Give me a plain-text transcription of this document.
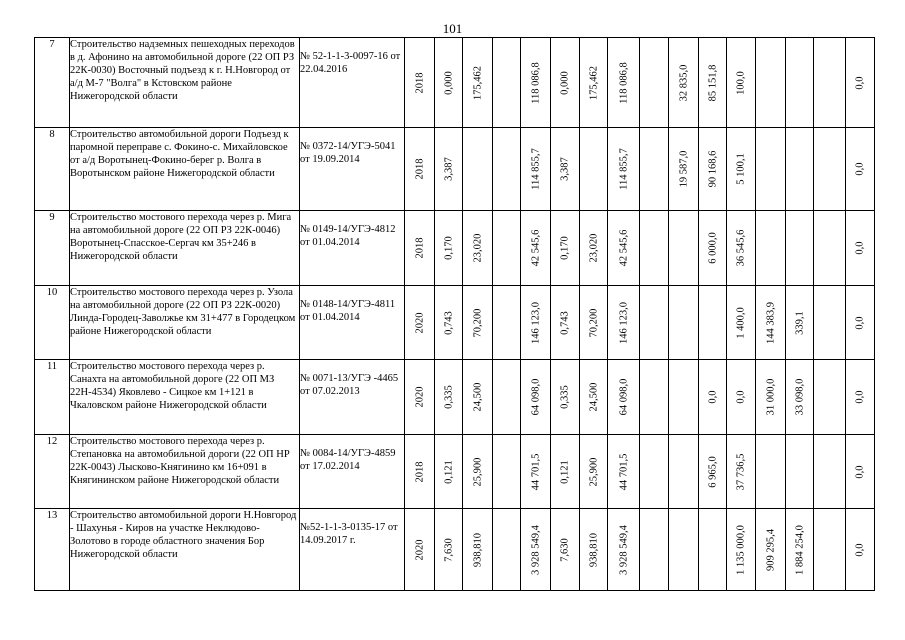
101
7	Строительство надземных пешеходных переходов в д. Афонино на автомобильной дороге (22 ОП РЗ 22К-0030) Восточный подъезд к г. Н.Новгород от а/д М-7 "Волга" в Кстовском районе Нижегородской области	№ 52-1-1-3-0097-16 от 22.04.2016	2018	0,000	175,462		118 086,8	0,000	175,462	118 086,8		32 835,0	85 151,8	100,0				0,0

8	Строительство автомобильной дороги Подъезд к паромной переправе с. Фокино-с. Михайловское от а/д Воротынец-Фокино-берег р. Волга в Воротынском районе Нижегородской области	№ 0372-14/УГЭ-5041 от 19.09.2014	2018	3,387			114 855,7	3,387		114 855,7		19 587,0	90 168,6	5 100,1				0,0

9	Строительство мостового перехода через р. Мига на автомобильной дороге (22 ОП РЗ 22К-0046) Воротынец-Спасское-Сергач км 35+246 в Нижегородской области	№ 0149-14/УГЭ-4812 от 01.04.2014	2018	0,170	23,020		42 545,6	0,170	23,020	42 545,6			6 000,0	36 545,6				0,0

10	Строительство мостового перехода через р. Узола на автомобильной дороге (22 ОП РЗ 22К-0020) Линда-Городец-Заволжье км 31+477 в Городецком районе Нижегородской области	№ 0148-14/УГЭ-4811 от 01.04.2014	2020	0,743	70,200		146 123,0	0,743	70,200	146 123,0				1 400,0	144 383,9	339,1		0,0

11	Строительство мостового перехода через р. Санахта на автомобильной дороге (22 ОП МЗ 22Н-4534) Яковлево - Сицкое км 1+121 в Чкаловском районе Нижегородской области	№ 0071-13/УГЭ -4465 от 07.02.2013	2020	0,335	24,500		64 098,0	0,335	24,500	64 098,0			0,0	0,0	31 000,0	33 098,0		0,0

12	Строительство мостового перехода через р. Степановка на автомобильной дороги (22 ОП НР 22К-0043) Лысково-Княгинино км 16+091 в Княгининском районе Нижегородской области	№ 0084-14/УГЭ-4859 от 17.02.2014	2018	0,121	25,900		44 701,5	0,121	25,900	44 701,5			6 965,0	37 736,5				0,0

13	Строительство автомобильной дороги Н.Новгород - Шахунья - Киров на участке Неклюдово-Золотово в городе областного значения Бор Нижегородской области	№52-1-1-3-0135-17 от 14.09.2017 г.	2020	7,630	938,810		3 928 549,4	7,630	938,810	3 928 549,4				1 135 000,0	909 295,4	1 884 254,0		0,0
